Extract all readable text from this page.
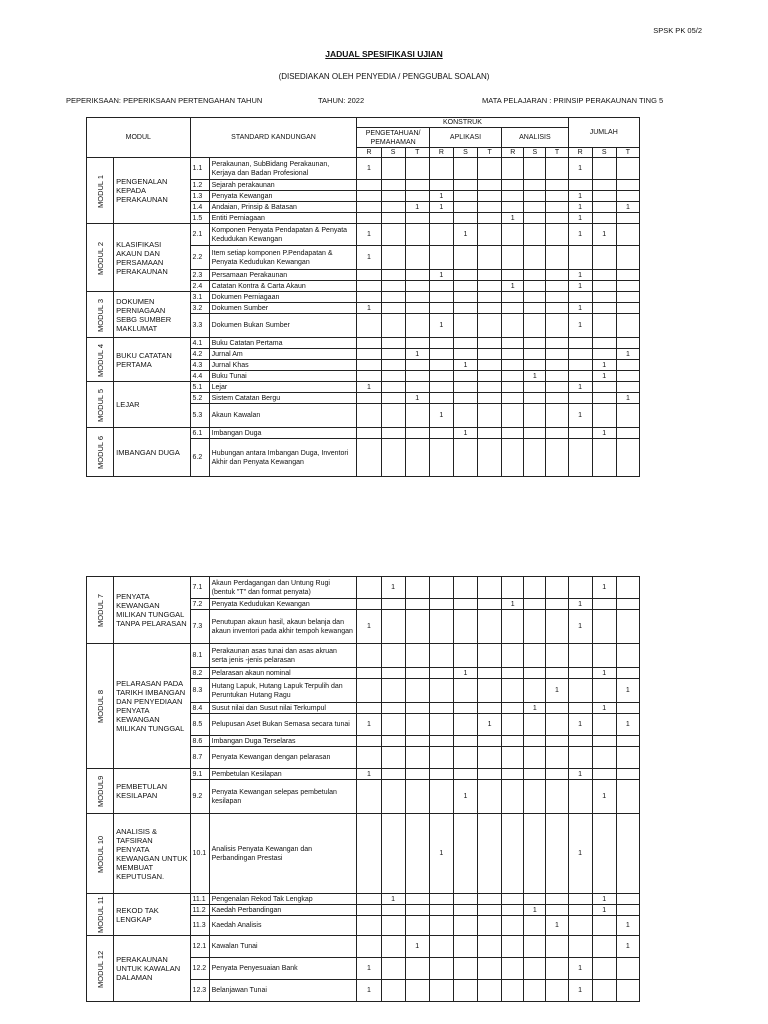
SPSK PK 05/2
JADUAL SPESIFIKASI UJIAN
(DISEDIAKAN OLEH PENYEDIA / PENGGUBAL SOALAN)
PEPERIKSAAN: PEPERIKSAAN PERTENGAHAN TAHUN	TAHUN: 2022	MATA PELAJARAN : PRINSIP PERAKAUNAN TING 5
MODUL		STANDARD KANDUNGAN		KONSTRUK									JUMLAH		
				PENGETAHUAN/ PEMAHAMAN			APLIKASI			ANALISIS					
				R	S	T	R	S	T	R	S	T	R	S	T
MODUL 1	PENGENALAN KEPADA PERAKAUNAN	1.1	Perakaunan, SubBidang Perakaunan, Kerjaya dan Badan Profesional	1									1		
		1.2	Sejarah perakaunan												
		1.3	Penyata Kewangan				1						1		
		1.4	Andaian, Prinsip & Batasan			1	1						1		1
		1.5	Entiti Perniagaan							1			1		
MODUL 2	KLASIFIKASI AKAUN DAN PERSAMAAN PERAKAUNAN	2.1	Komponen Penyata Pendapatan & Penyata Kedudukan Kewangan	1				1					1	1	
		2.2	Item setiap komponen P.Pendapatan & Penyata Kedudukan Kewangan	1											
		2.3	Persamaan Perakaunan				1						1		
		2.4	Catatan Kontra & Carta Akaun							1			1		
MODUL 3	DOKUMEN PERNIAGAAN SEBG SUMBER MAKLUMAT	3.1	Dokumen Perniagaan												
		3.2	Dokumen Sumber	1									1		
		3.3	Dokumen Bukan Sumber				1						1		
MODUL 4	BUKU CATATAN PERTAMA	4.1	Buku Catatan Pertama												
		4.2	Jurnal Am			1									1
		4.3	Jurnal Khas					1						1	
		4.4	Buku Tunai								1			1	
MODUL 5	LEJAR	5.1	Lejar	1									1		
		5.2	Sistem Catatan Bergu			1									1
		5.3	Akaun Kawalan				1						1		
MODUL 6	IMBANGAN DUGA	6.1	Imbangan Duga					1						1	
		6.2	Hubungan antara Imbangan Duga, Inventori Akhir dan Penyata Kewangan												
MODUL 7	PENYATA KEWANGAN MILIKAN TUNGGAL TANPA PELARASAN	7.1	Akaun Perdagangan dan Untung Rugi (bentuk "T" dan format penyata)		1									1	
		7.2	Penyata Kedudukan Kewangan							1			1		
		7.3	Penutupan akaun hasil, akaun belanja dan akaun inventori pada akhir tempoh kewangan	1									1		
MODUL 8	PELARASAN PADA TARIKH IMBANGAN DAN PENYEDIAAN PENYATA KEWANGAN MILIKAN TUNGGAL	8.1	Perakaunan asas tunai dan asas akruan serta jenis -jenis pelarasan												
		8.2	Pelarasan akaun nominal					1						1	
		8.3	Hutang Lapuk, Hutang Lapuk Terpulih dan Peruntukan Hutang Ragu									1			1
		8.4	Susut nilai dan Susut nilai Terkumpul								1			1	
		8.5	Pelupusan Aset Bukan Semasa secara tunai	1					1				1		1
		8.6	Imbangan Duga Terselaras												
		8.7	Penyata Kewangan dengan pelarasan												
MODUL9	PEMBETULAN KESILAPAN	9.1	Pembetulan Kesilapan	1									1		
		9.2	Penyata Kewangan selepas pembetulan kesilapan					1						1	
MODUL 10	ANALISIS & TAFSIRAN PENYATA KEWANGAN UNTUK MEMBUAT KEPUTUSAN.	10.1	Analisis Penyata Kewangan dan Perbandingan Prestasi				1						1		
MODUL 11	REKOD TAK LENGKAP	11.1	Pengenalan Rekod Tak Lengkap		1									1	
		11.2	Kaedah Perbandingan								1			1	
		11.3	Kaedah Analisis									1			1
MODUL 12	PERAKAUNAN UNTUK KAWALAN DALAMAN	12.1	Kawalan Tunai			1									1
		12.2	Penyata Penyesuaian Bank	1									1		
		12.3	Belanjawan Tunai	1									1		
